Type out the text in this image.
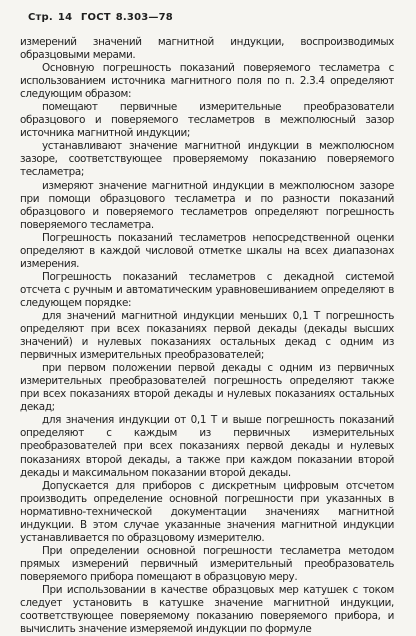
Стр. 14 ГОСТ 8.303—78

измерений значений магнитной индукции, воспроизводимых образцовыми мерами.

Основную погрешность показаний поверяемого тесламетра с использованием источника магнитного поля по п. 2.3.4 определяют следующим образом:

помещают первичные измерительные преобразователи образцового и поверяемого тесламетров в межполюсный зазор источника магнитной индукции;

устанавливают значение магнитной индукции в межполюсном зазоре, соответствующее проверяемому показанию поверяемого тесламетра;

измеряют значение магнитной индукции в межполюсном зазоре при помощи образцового тесламетра и по разности показаний образцового и поверяемого тесламетров определяют погрешность поверяемого тесламетра.

Погрешность показаний тесламетров непосредственной оценки определяют в каждой числовой отметке шкалы на всех диапазонах измерения.

Погрешность показаний тесламетров с декадной системой отсчета с ручным и автоматическим уравновешиванием определяют в следующем порядке:

для значений магнитной индукции меньших 0,1 Т погрешность определяют при всех показаниях первой декады (декады высших значений) и нулевых показаниях остальных декад с одним из первичных измерительных преобразователей;

при первом положении первой декады с одним из первичных измерительных преобразователей погрешность определяют также при всех показаниях второй декады и нулевых показаниях остальных декад;

для значения индукции от 0,1 Т и выше погрешность показаний определяют с каждым из первичных измерительных преобразователей при всех показаниях первой декады и нулевых показаниях второй декады, а также при каждом показании второй декады и максимальном показании второй декады.

Допускается для приборов с дискретным цифровым отсчетом производить определение основной погрешности при указанных в нормативно-технической документации значениях магнитной индукции. В этом случае указанные значения магнитной индукции устанавливается по образцовому измерителю.

При определении основной погрешности тесламетра методом прямых измерений первичный измерительный преобразователь поверяемого прибора помещают в образцовую меру.

При использовании в качестве образцовых мер катушек с током следует установить в катушке значение магнитной индукции, соответствующее поверяемому показанию поверяемого прибора, и вычислить значение измеряемой индукции по формуле
